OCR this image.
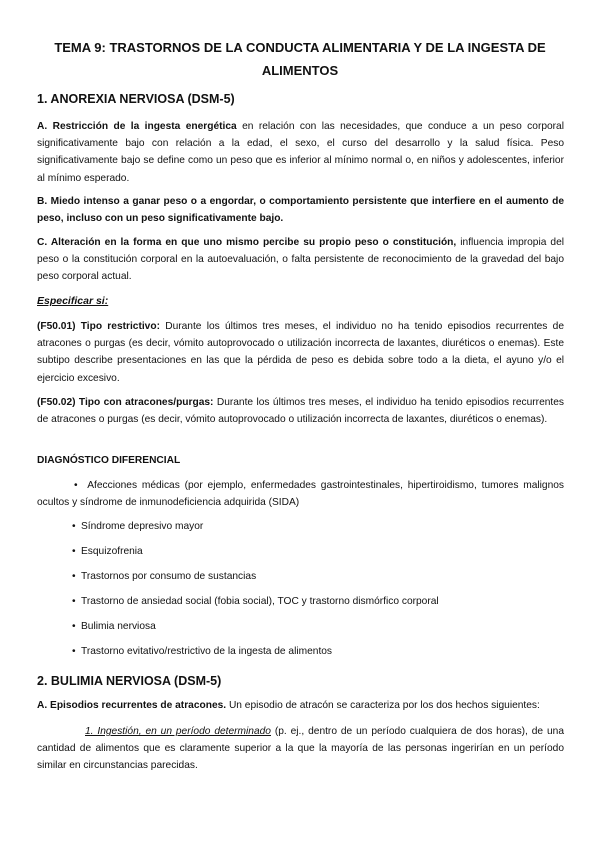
TEMA 9: TRASTORNOS DE LA CONDUCTA ALIMENTARIA Y DE LA INGESTA DE
ALIMENTOS
1. ANOREXIA NERVIOSA (DSM-5)

A. Restricción de la ingesta energética en relación con las necesidades, que conduce a un peso corporal significativamente bajo con relación a la edad, el sexo, el curso del desarrollo y la salud física. Peso significativamente bajo se define como un peso que es inferior al mínimo normal o, en niños y adolescentes, inferior al mínimo esperado.

B. Miedo intenso a ganar peso o a engordar, o comportamiento persistente que interfiere en el aumento de peso, incluso con un peso significativamente bajo.

C. Alteración en la forma en que uno mismo percibe su propio peso o constitución, influencia impropia del peso o la constitución corporal en la autoevaluación, o falta persistente de reconocimiento de la gravedad del bajo peso corporal actual.

Especificar si:

(F50.01) Tipo restrictivo: Durante los últimos tres meses, el individuo no ha tenido episodios recurrentes de atracones o purgas (es decir, vómito autoprovocado o utilización incorrecta de laxantes, diuréticos o enemas). Este subtipo describe presentaciones en las que la pérdida de peso es debida sobre todo a la dieta, el ayuno y/o el ejercicio excesivo.

(F50.02) Tipo con atracones/purgas: Durante los últimos tres meses, el individuo ha tenido episodios recurrentes de atracones o purgas (es decir, vómito autoprovocado o utilización incorrecta de laxantes, diuréticos o enemas).

DIAGNÓSTICO DIFERENCIAL

• Afecciones médicas (por ejemplo, enfermedades gastrointestinales, hipertiroidismo, tumores malignos ocultos y síndrome de inmunodeficiencia adquirida (SIDA)

• Síndrome depresivo mayor
• Esquizofrenia
• Trastornos por consumo de sustancias
• Trastorno de ansiedad social (fobia social), TOC y trastorno dismórfico corporal
• Bulimia nerviosa
• Trastorno evitativo/restrictivo de la ingesta de alimentos
2. BULIMIA NERVIOSA (DSM-5)

A. Episodios recurrentes de atracones. Un episodio de atracón se caracteriza por los dos hechos siguientes:

1. Ingestión, en un período determinado (p. ej., dentro de un período cualquiera de dos horas), de una cantidad de alimentos que es claramente superior a la que la mayoría de las personas ingerirían en un período similar en circunstancias parecidas.
